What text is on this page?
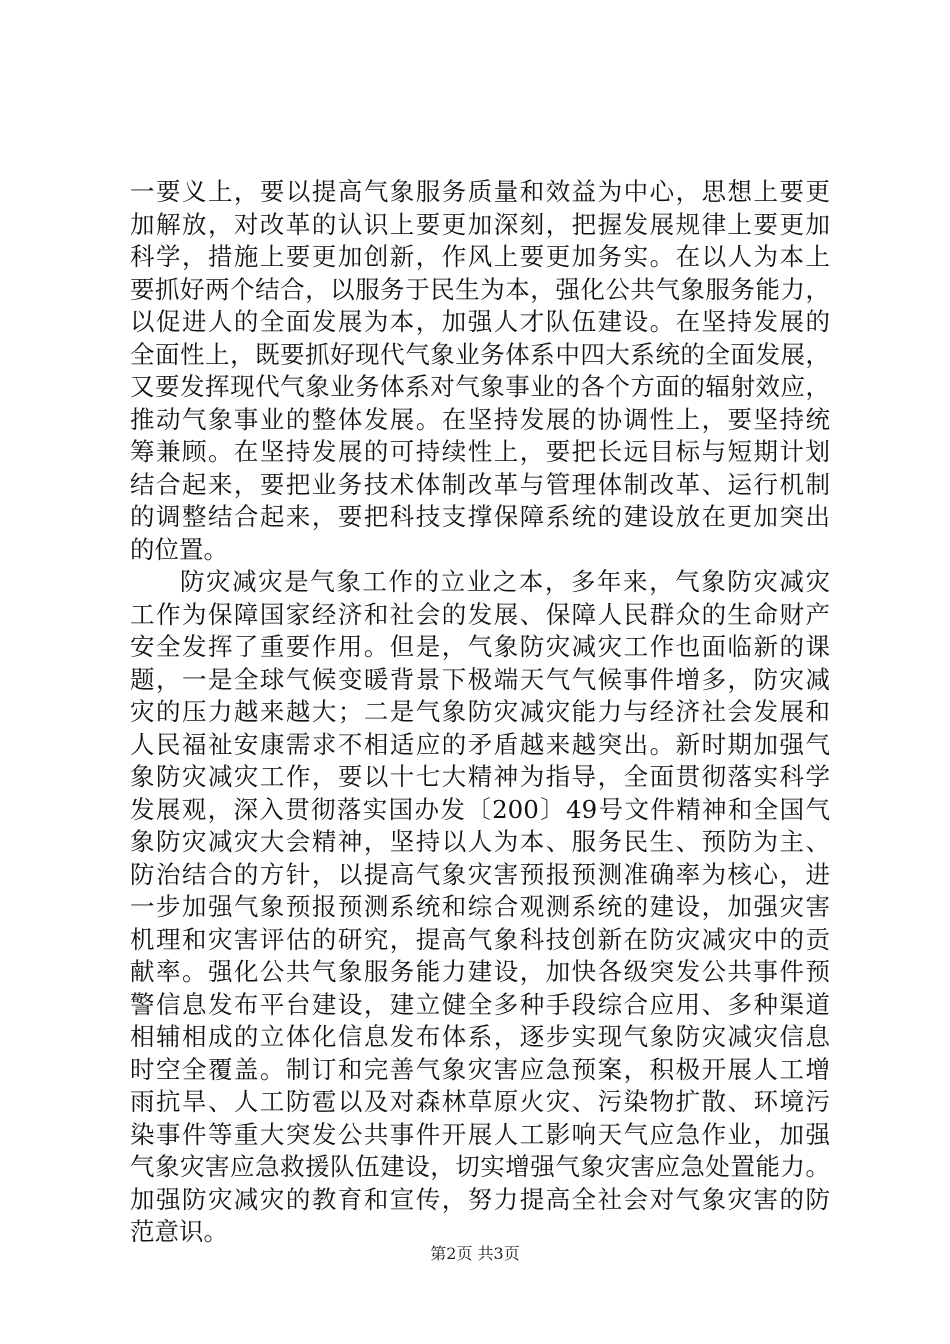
一要义上，要以提高气象服务质量和效益为中心，思想上要更
加解放，对改革的认识上要更加深刻，把握发展规律上要更加
科学，措施上要更加创新，作风上要更加务实。在以人为本上
要抓好两个结合，以服务于民生为本，强化公共气象服务能力，
以促进人的全面发展为本，加强人才队伍建设。在坚持发展的
全面性上，既要抓好现代气象业务体系中四大系统的全面发展，
又要发挥现代气象业务体系对气象事业的各个方面的辐射效应，
推动气象事业的整体发展。在坚持发展的协调性上，要坚持统
筹兼顾。在坚持发展的可持续性上，要把长远目标与短期计划
结合起来，要把业务技术体制改革与管理体制改革、运行机制
的调整结合起来，要把科技支撑保障系统的建设放在更加突出
的位置。
防灾减灾是气象工作的立业之本，多年来，气象防灾减灾
工作为保障国家经济和社会的发展、保障人民群众的生命财产
安全发挥了重要作用。但是，气象防灾减灾工作也面临新的课
题，一是全球气候变暖背景下极端天气气候事件增多，防灾减
灾的压力越来越大；二是气象防灾减灾能力与经济社会发展和
人民福祉安康需求不相适应的矛盾越来越突出。新时期加强气
象防灾减灾工作，要以十七大精神为指导，全面贯彻落实科学
发展观，深入贯彻落实国办发〔200〕49号文件精神和全国气
象防灾减灾大会精神，坚持以人为本、服务民生、预防为主、
防治结合的方针，以提高气象灾害预报预测准确率为核心，进
一步加强气象预报预测系统和综合观测系统的建设，加强灾害
机理和灾害评估的研究，提高气象科技创新在防灾减灾中的贡
献率。强化公共气象服务能力建设，加快各级突发公共事件预
警信息发布平台建设，建立健全多种手段综合应用、多种渠道
相辅相成的立体化信息发布体系，逐步实现气象防灾减灾信息
时空全覆盖。制订和完善气象灾害应急预案，积极开展人工增
雨抗旱、人工防雹以及对森林草原火灾、污染物扩散、环境污
染事件等重大突发公共事件开展人工影响天气应急作业，加强
气象灾害应急救援队伍建设，切实增强气象灾害应急处置能力。
加强防灾减灾的教育和宣传，努力提高全社会对气象灾害的防
范意识。
第2页 共3页
